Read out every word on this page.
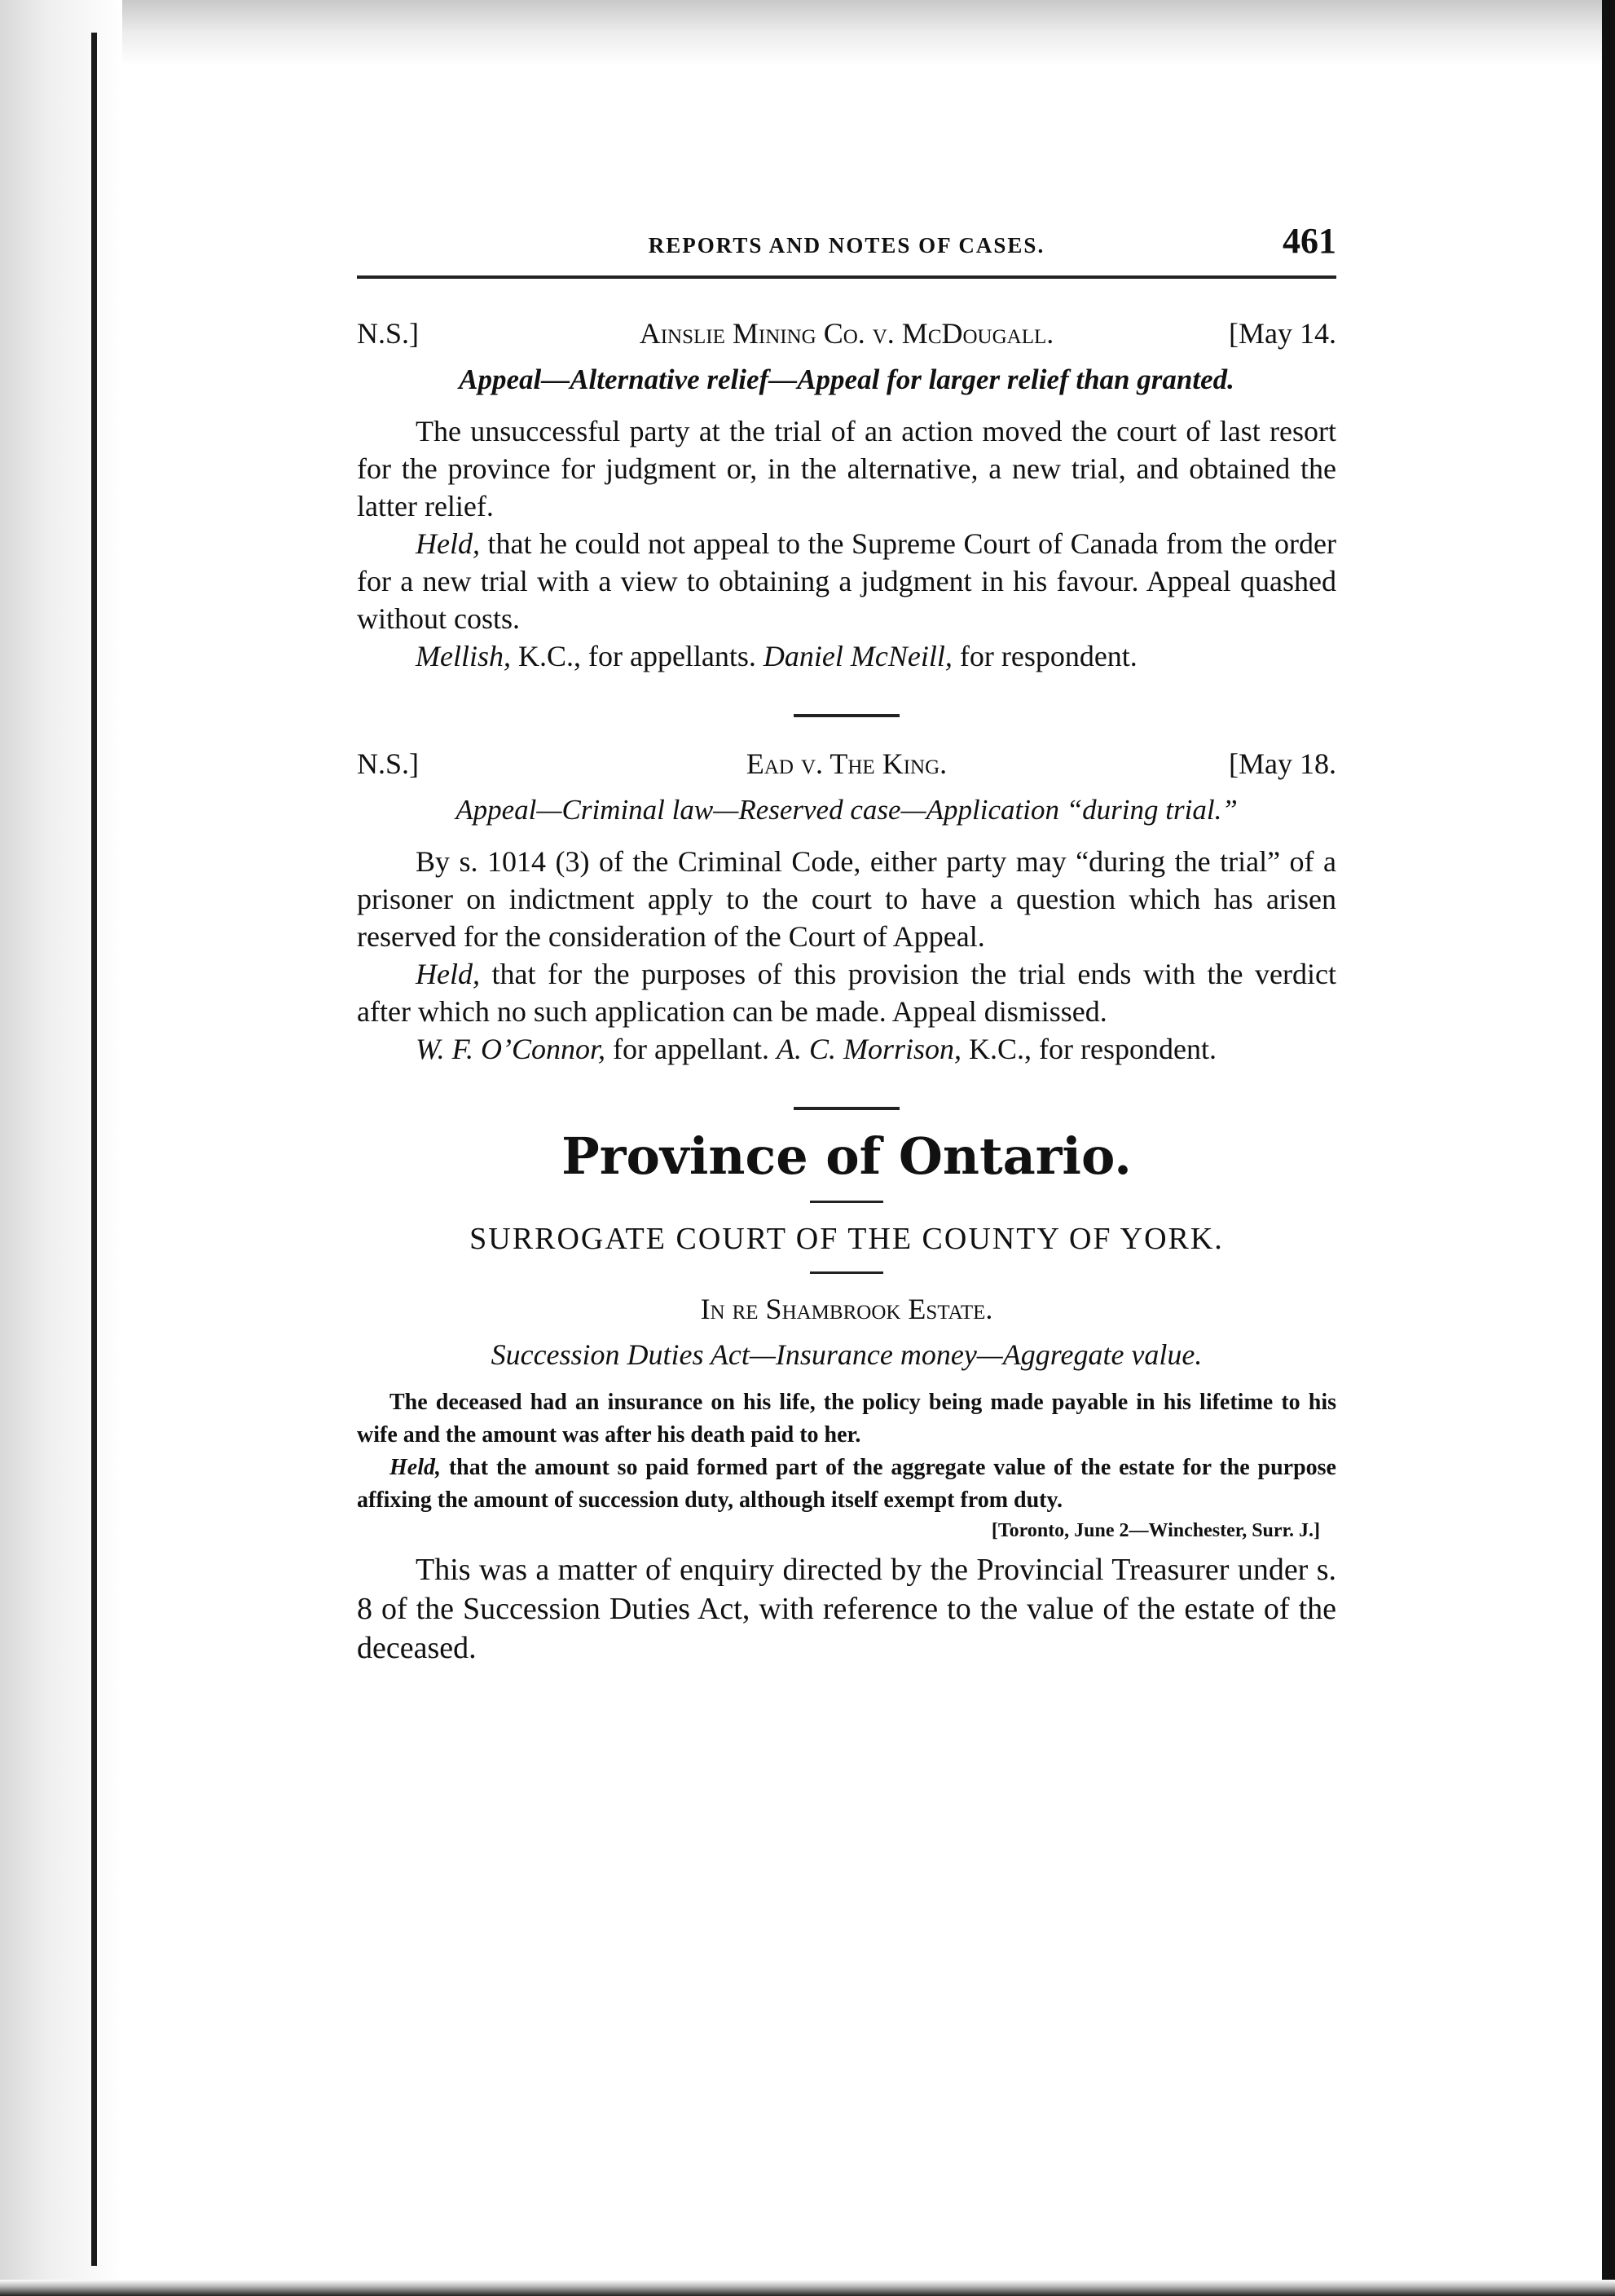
REPORTS AND NOTES OF CASES.	461
N.S.]	Ainslie Mining Co. v. McDougall.	[May 14.
Appeal—Alternative relief—Appeal for larger relief than granted.

The unsuccessful party at the trial of an action moved the court of last resort for the province for judgment or, in the alternative, a new trial, and obtained the latter relief.

Held, that he could not appeal to the Supreme Court of Canada from the order for a new trial with a view to obtaining a judgment in his favour. Appeal quashed without costs.

Mellish, K.C., for appellants. Daniel McNeill, for respondent.

N.S.]	Ead v. The King.	[May 18.
Appeal—Criminal law—Reserved case—Application “during trial.”

By s. 1014 (3) of the Criminal Code, either party may “during the trial” of a prisoner on indictment apply to the court to have a question which has arisen reserved for the consideration of the Court of Appeal.

Held, that for the purposes of this provision the trial ends with the verdict after which no such application can be made. Appeal dismissed.

W. F. O’Connor, for appellant. A. C. Morrison, K.C., for respondent.

Province of Ontario.
SURROGATE COURT OF THE COUNTY OF YORK.
In re Shambrook Estate.
Succession Duties Act—Insurance money—Aggregate value.

The deceased had an insurance on his life, the policy being made payable in his lifetime to his wife and the amount was after his death paid to her.

Held, that the amount so paid formed part of the aggregate value of the estate for the purpose affixing the amount of succession duty, although itself exempt from duty.

[Toronto, June 2—Winchester, Surr. J.]

This was a matter of enquiry directed by the Provincial Treasurer under s. 8 of the Succession Duties Act, with reference to the value of the estate of the deceased.
